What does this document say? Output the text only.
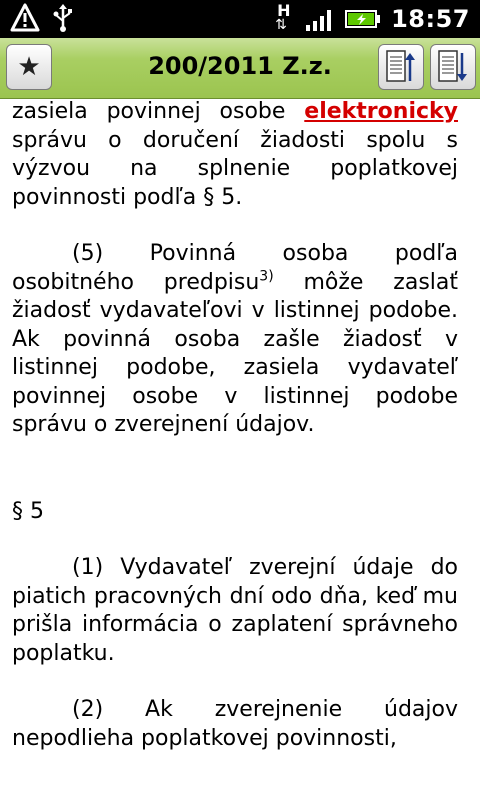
H
⇅	18:57
★	200/2011 Z.z.

zasiela povinnej osobe elektronicky správu o doručení žiadosti spolu s výzvou na splnenie poplatkovej povinnosti podľa § 5.

(5) Povinná osoba podľa osobitného predpisu$^{3)}$ môže zaslať žiadosť vydavateľovi v listinnej podobe. Ak povinná osoba zašle žiadosť v listinnej podobe, zasiela vydavateľ povinnej osobe v listinnej podobe správu o zverejnení údajov.

§ 5

(1) Vydavateľ zverejní údaje do piatich pracovných dní odo dňa, keď mu prišla informácia o zaplatení správneho poplatku.

(2) Ak zverejnenie údajov nepodlieha poplatkovej povinnosti,
